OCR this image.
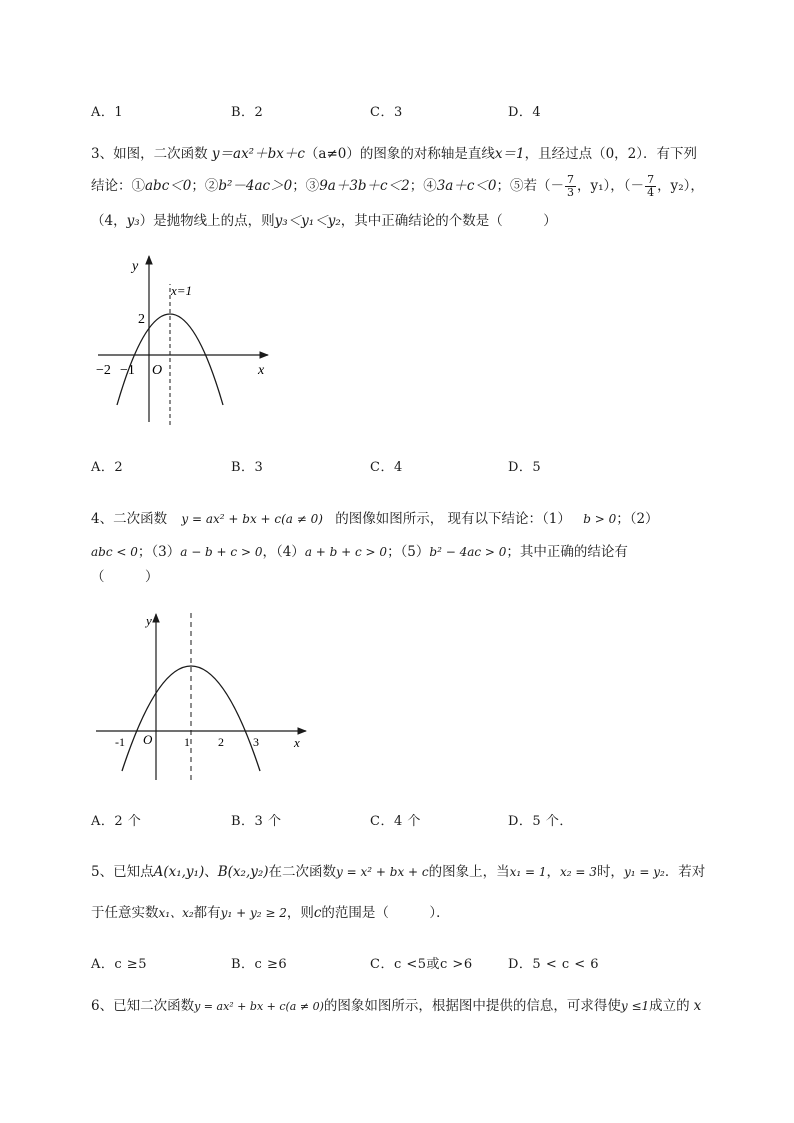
A．1	B．2	C．3	D．4
3、如图，二次函数 y＝ax²＋bx＋c（a≠0）的图象的对称轴是直线x＝1，且经过点（0，2）．有下列
结论：①abc＜0；②b²－4ac＞0；③9a＋3b＋c＜2；④3a＋c＜0；⑤若（－ $\frac{7}{3}$ ，y₁），（－ $\frac{7}{4}$ ，y₂），
（4，y₃）是抛物线上的点，则y₃＜y₁＜y₂，其中正确结论的个数是（　　　）
y
x
x=1
2
O
−2 −1
A．2	B．3	C．4	D．5
4、二次函数 y = ax² + bx + c(a ≠ 0) 的图像如图所示， 现有以下结论：（1） b > 0；（2）
abc < 0；（3）a − b + c > 0，（4）a + b + c > 0；（5）b² − 4ac > 0；其中正确的结论有
（　　　）
y
x
O
-1	1 2 3
A．2 个	B．3 个	C．4 个	D．5 个．
5、已知点A(x₁,y₁)、B(x₂,y₂)在二次函数y = x² + bx + c的图象上，当x₁ = 1，x₂ = 3时，y₁ = y₂．若对
于任意实数x₁、x₂都有y₁ + y₂ ≥ 2，则c的范围是（　　　）．
A．c ≥5	B．c ≥6	C．c <5或c >6	D．5 < c < 6
6、已知二次函数y = ax² + bx + c(a ≠ 0)的图象如图所示，根据图中提供的信息，可求得使y ≤1成立的 x
